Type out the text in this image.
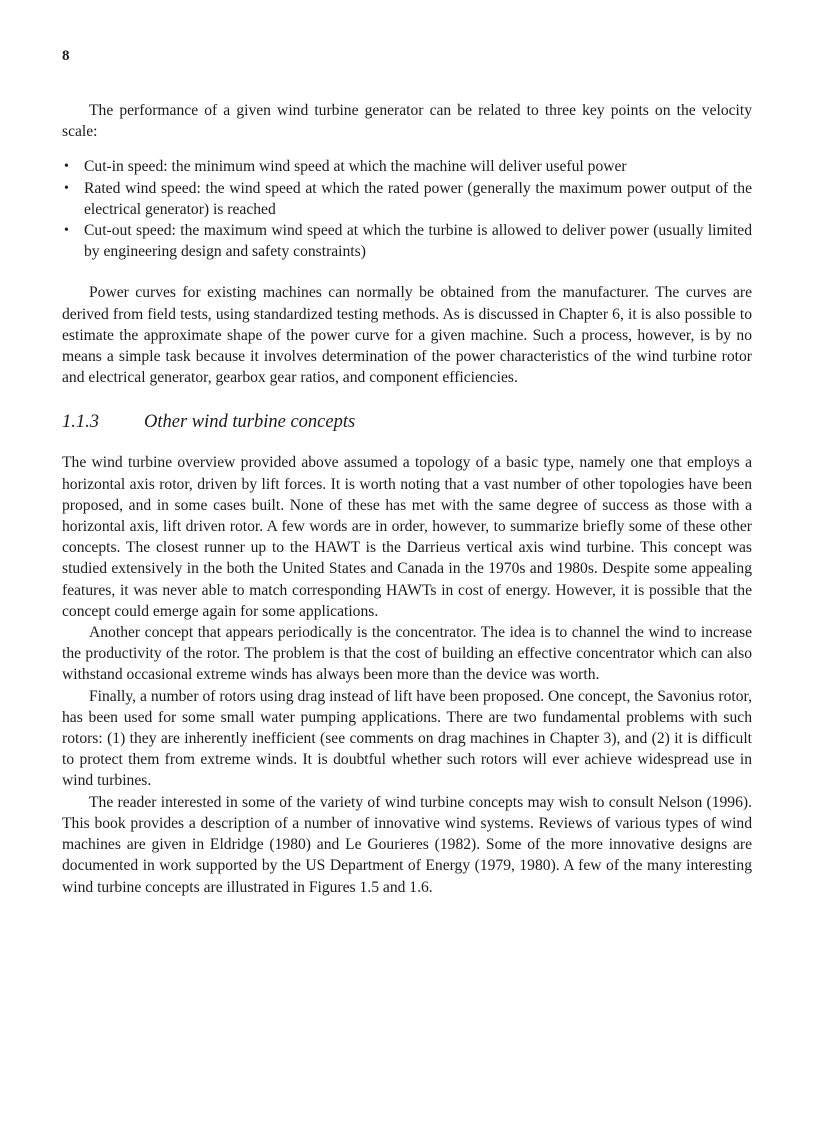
8

The performance of a given wind turbine generator can be related to three key points on the velocity scale:

• Cut-in speed: the minimum wind speed at which the machine will deliver useful power
• Rated wind speed: the wind speed at which the rated power (generally the maximum power output of the electrical generator) is reached
• Cut-out speed: the maximum wind speed at which the turbine is allowed to deliver power (usually limited by engineering design and safety constraints)

Power curves for existing machines can normally be obtained from the manufacturer. The curves are derived from field tests, using standardized testing methods. As is discussed in Chapter 6, it is also possible to estimate the approximate shape of the power curve for a given machine. Such a process, however, is by no means a simple task because it involves determination of the power characteristics of the wind turbine rotor and electrical generator, gearbox gear ratios, and component efficiencies.

1.1.3 Other wind turbine concepts

The wind turbine overview provided above assumed a topology of a basic type, namely one that employs a horizontal axis rotor, driven by lift forces. It is worth noting that a vast number of other topologies have been proposed, and in some cases built. None of these has met with the same degree of success as those with a horizontal axis, lift driven rotor. A few words are in order, however, to summarize briefly some of these other concepts. The closest runner up to the HAWT is the Darrieus vertical axis wind turbine. This concept was studied extensively in the both the United States and Canada in the 1970s and 1980s. Despite some appealing features, it was never able to match corresponding HAWTs in cost of energy. However, it is possible that the concept could emerge again for some applications.

Another concept that appears periodically is the concentrator. The idea is to channel the wind to increase the productivity of the rotor. The problem is that the cost of building an effective concentrator which can also withstand occasional extreme winds has always been more than the device was worth.

Finally, a number of rotors using drag instead of lift have been proposed. One concept, the Savonius rotor, has been used for some small water pumping applications. There are two fundamental problems with such rotors: (1) they are inherently inefficient (see comments on drag machines in Chapter 3), and (2) it is difficult to protect them from extreme winds. It is doubtful whether such rotors will ever achieve widespread use in wind turbines.

The reader interested in some of the variety of wind turbine concepts may wish to consult Nelson (1996). This book provides a description of a number of innovative wind systems. Reviews of various types of wind machines are given in Eldridge (1980) and Le Gourieres (1982). Some of the more innovative designs are documented in work supported by the US Department of Energy (1979, 1980). A few of the many interesting wind turbine concepts are illustrated in Figures 1.5 and 1.6.
